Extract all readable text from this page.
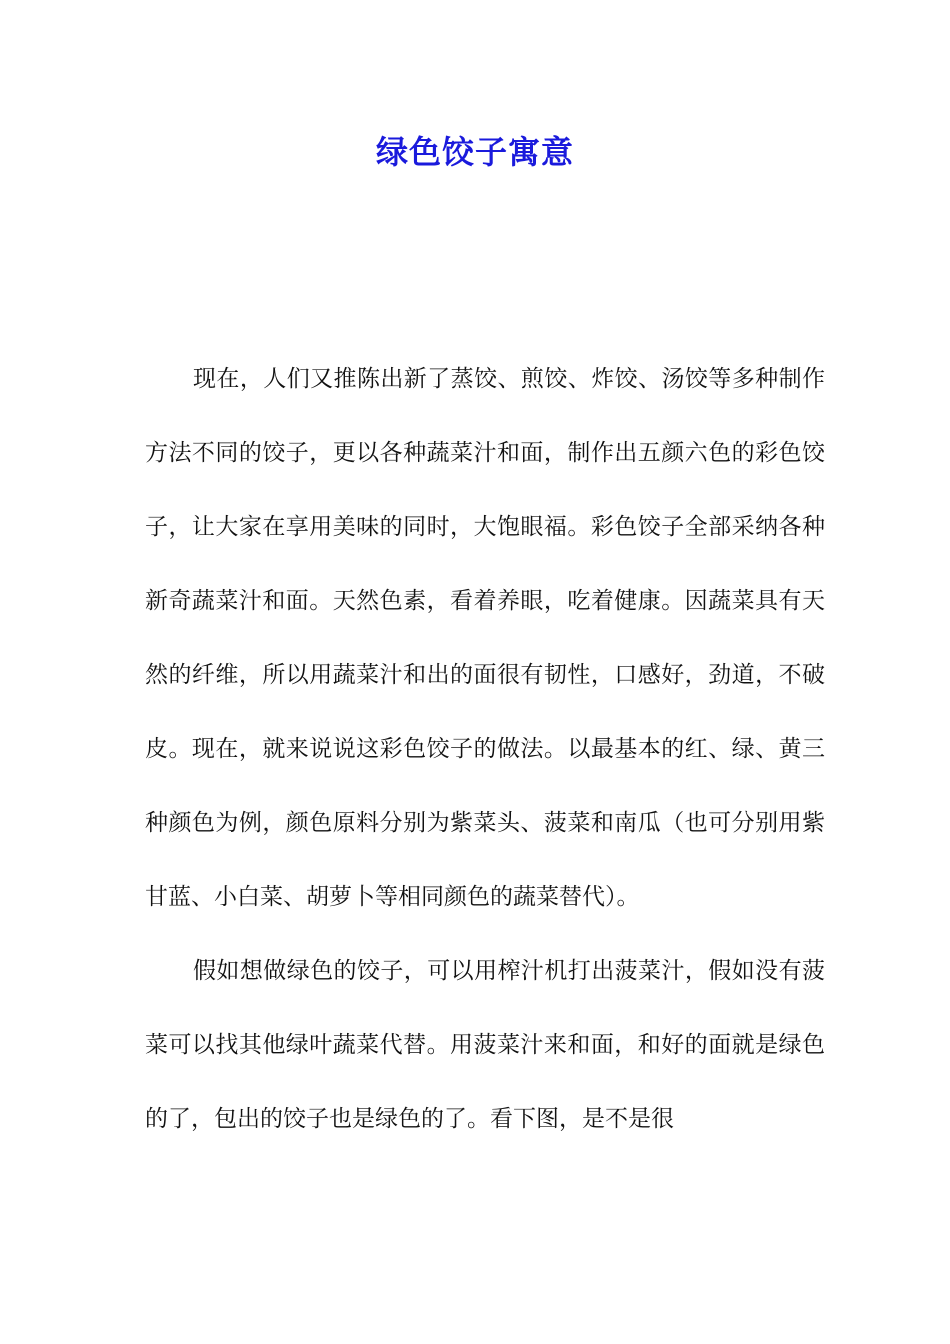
绿色饺子寓意

现在，人们又推陈出新了蒸饺、煎饺、炸饺、汤饺等多种制作方法不同的饺子，更以各种蔬菜汁和面，制作出五颜六色的彩色饺子，让大家在享用美味的同时，大饱眼福。彩色饺子全部采纳各种新奇蔬菜汁和面。天然色素，看着养眼，吃着健康。因蔬菜具有天然的纤维，所以用蔬菜汁和出的面很有韧性，口感好，劲道，不破皮。现在，就来说说这彩色饺子的做法。以最基本的红、绿、黄三种颜色为例，颜色原料分别为紫菜头、菠菜和南瓜（也可分别用紫甘蓝、小白菜、胡萝卜等相同颜色的蔬菜替代）。

假如想做绿色的饺子，可以用榨汁机打出菠菜汁，假如没有菠菜可以找其他绿叶蔬菜代替。用菠菜汁来和面，和好的面就是绿色的了，包出的饺子也是绿色的了。看下图，是不是很
